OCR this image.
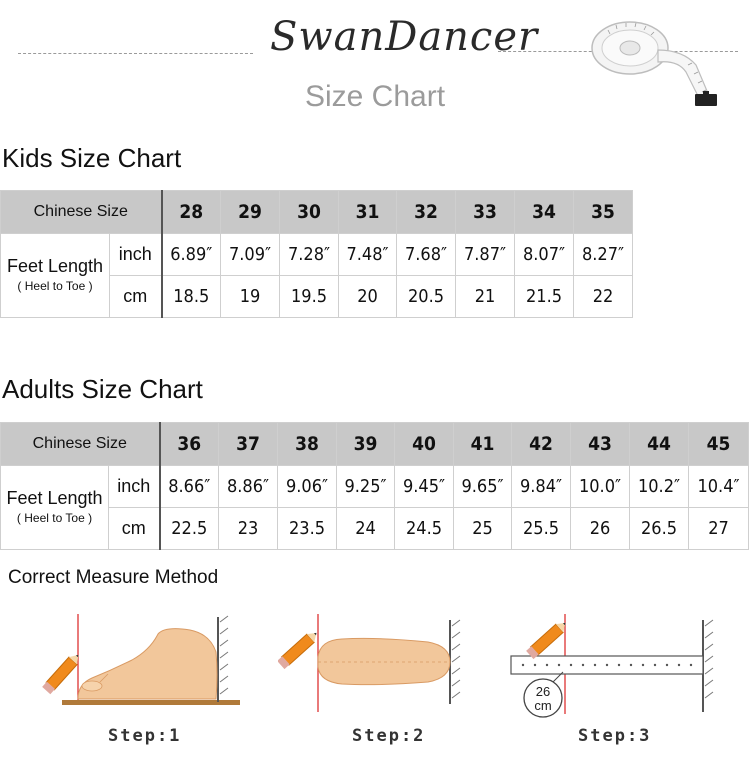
SwanDancer
Size Chart
Kids Size Chart
Chinese Size		28	29	30	31	32	33	34	35
Feet Length
( Heel to Toe )	inch	6.89″	7.09″	7.28″	7.48″	7.68″	7.87″	8.07″	8.27″
	cm	18.5	19	19.5	20	20.5	21	21.5	22
Adults Size Chart
Chinese Size		36	37	38	39	40	41	42	43	44	45
Feet Length
( Heel to Toe )	inch	8.66″	8.86″	9.06″	9.25″	9.45″	9.65″	9.84″	10.0″	10.2″	10.4″
	cm	22.5	23	23.5	24	24.5	25	25.5	26	26.5	27
Correct Measure Method
26
cm
Step:1	Step:2	Step:3
